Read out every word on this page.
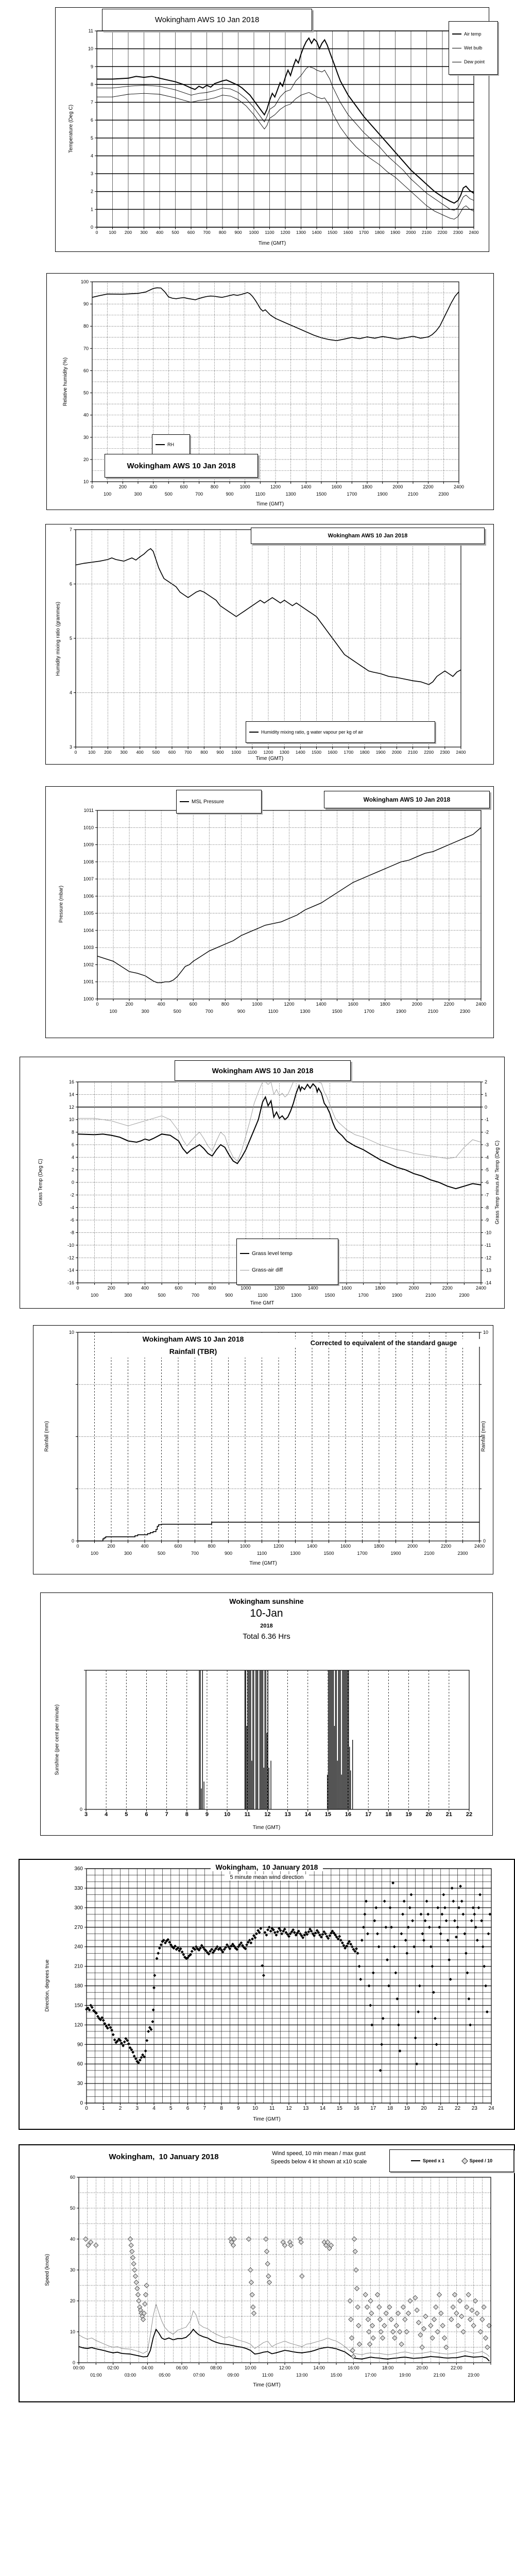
0 100 200 300 400 500 600 700 800 900 1000 1100 1200 1300 1400 1500 1600 1700 1800 1900 2000 2100 2200 2300 2400
0
1
2
3
4
5
6
7
8
9
10
11
Wokingham AWS 10 Jan 2018
Air temp
Wet bulb
Dew point
Temperature (Deg C)
Time (GMT)
0
100
200
300
400
500
600
700
800
900
1000
1100
1200
1300
1400
1500
1600
1700
1800
1900
2000
2100
2200
2300
2400
10
20
30
40
50
60
70
80
90
100
RH
Wokingham AWS 10 Jan 2018
Relative humidity (%)
Time (GMT)
0	100 200 300 400 500 600 700 800 900 1000 1100 1200 1300 1400 1500 1600 1700 1800 1900 2000 2100 2200 2300 2400
3
4
5
6
7
Wokingham AWS 10 Jan 2018
Humidity mixing ratio, g water vapour per kg of air
Humidity mixing ratio (grammes)
Time (GMT)
0
100
200
300
400
500
600
700
800
900
1000
1100
1200
1300
1400
1500
1600
1700
1800
1900
2000
2100
2200
2300
2400
1000
1001
1002
1003
1004
1005
1006
1007
1008
1009
1010
1011
MSL Pressure	Wokingham AWS 10 Jan 2018
Pressure (mbar)
0
100
200
300
400
500
600
700
800
900
1000
1100
1200
1300
1400
1500
1600
1700
1800
1900
2000
2100
2200
2300
2400
-16
-14
-12
-10
-8
-6
-4
-2
0
2
4
6
8
10
12
14
16
-14
-13
-12
-11
-10
-9
-8
-7
-6
-5
-4
-3
-2
-1
0
1
2
Wokingham AWS 10 Jan 2018
Grass level temp
Grass-air diff
Grass Temp (Deg C)	Grass Temp minus Air Temp (Deg C)
Time GMT
0
100
200
300
400
500
600
700
800
900
1000
1100
1200
1300
1400
1500
1600
1700
1800
1900
2000
2100
2200
2300
2400
0
10
0
10
Wokingham AWS 10 Jan 2018
Rainfall (TBR)
Corrected to equivalent of the standard gauge
Rainfall (mm)	Rainfall (mm)
Time (GMT)
3	4	5	6	7	8	9	10 11 12 13 14 15 16 17 18 19 20 21 22
0
Wokingham sunshine
10-Jan
2018
Total 6.36 Hrs
Sunshine (per cent per minute)
Time (GMT)
0	1	2	3	4	5	6	7	8	9 10 11 12 13 14 15 16 17 18 19 20 21 22 23 24
0
30
60
90
120
150
180
210
240
270
300
330
360	Wokingham,  10 January 2018
5 minute mean wind direction
Direction, degrees true
Time (GMT)
00:00
01:00
02:00
03:00
04:00
05:00
06:00
07:00
08:00
09:00
10:00
11:00
12:00
13:00
14:00
15:00
16:00
17:00
18:00
19:00
20:00
21:00
22:00
23:00
0
10
20
30
40
50
60
Wokingham,  10 January 2018	Wind speed, 10 min mean / max gust
Speeds below 4 kt shown at x10 scale	Speed x 1	Speed / 10
Speed (knots)
Time (GMT)
